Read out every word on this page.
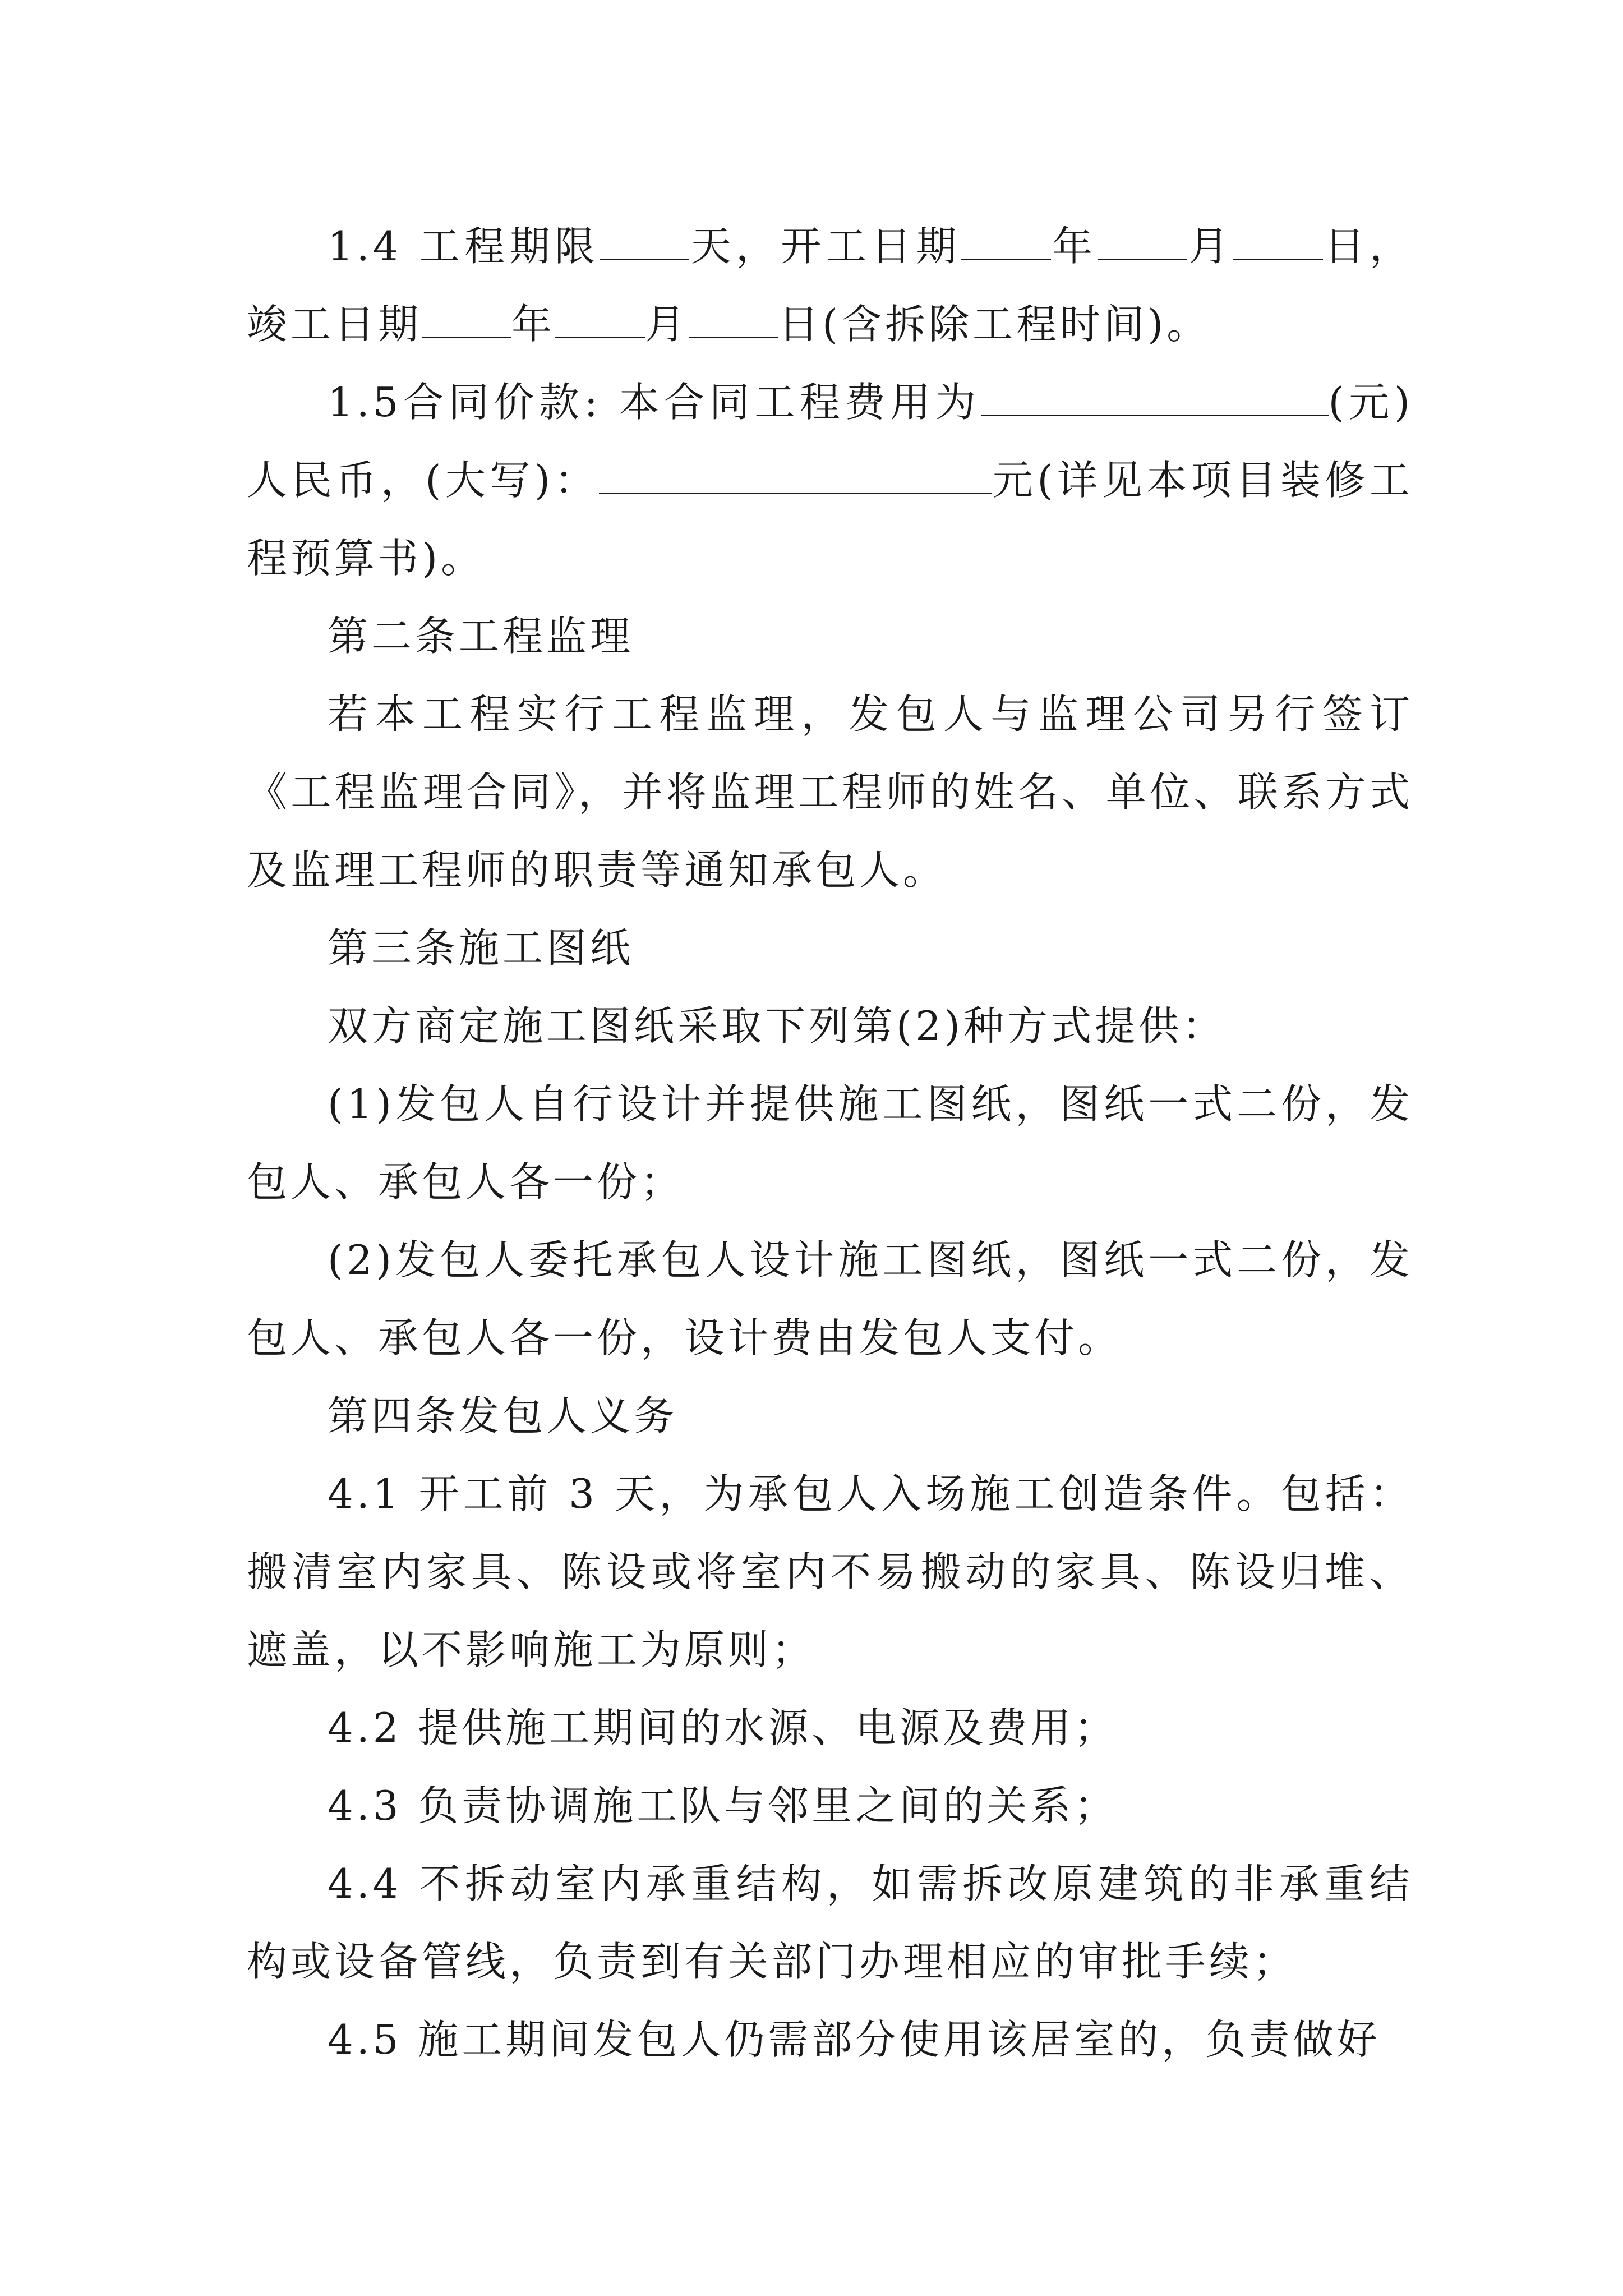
1.4 工程期限 天，开工日期 年 月 日，竣工日期 年 月 日(含拆除工程时间)。

1.5合同价款: 本合同工程费用为	(元)人民币，(大写)：	元(详见本项目装修工程预算书)。

第二条工程监理

若本工程实行工程监理，发包人与监理公司另行签订《工程监理合同》，并将监理工程师的姓名、单位、联系方式及监理工程师的职责等通知承包人。

第三条施工图纸

双方商定施工图纸采取下列第(2)种方式提供：

(1)发包人自行设计并提供施工图纸，图纸一式二份，发包人、承包人各一份；

(2)发包人委托承包人设计施工图纸，图纸一式二份，发包人、承包人各一份，设计费由发包人支付。

第四条发包人义务

4.1 开工前 3 天，为承包人入场施工创造条件。包括：搬清室内家具、陈设或将室内不易搬动的家具、陈设归堆、遮盖，以不影响施工为原则；

4.2 提供施工期间的水源、电源及费用；

4.3 负责协调施工队与邻里之间的关系；

4.4 不拆动室内承重结构，如需拆改原建筑的非承重结构或设备管线，负责到有关部门办理相应的审批手续；

4.5 施工期间发包人仍需部分使用该居室的，负责做好
